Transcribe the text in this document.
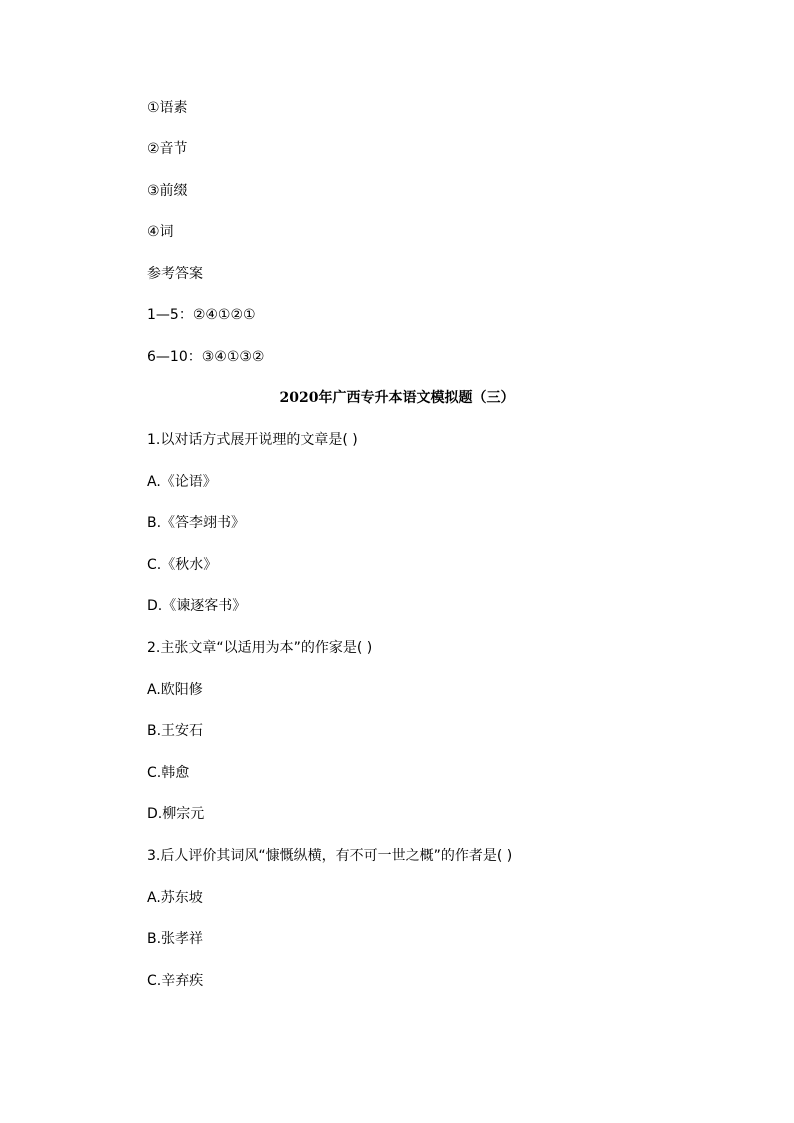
①语素
②音节
③前缀
④词
参考答案
1—5：②④①②①
6—10：③④①③②
2020年广西专升本语文模拟题（三）
1.以对话方式展开说理的文章是( )
A.《论语》
B.《答李翊书》
C.《秋水》
D.《谏逐客书》
2.主张文章“以适用为本”的作家是( )
A.欧阳修
B.王安石
C.韩愈
D.柳宗元
3.后人评价其词风“慷慨纵横，有不可一世之概”的作者是( )
A.苏东坡
B.张孝祥
C.辛弃疾
